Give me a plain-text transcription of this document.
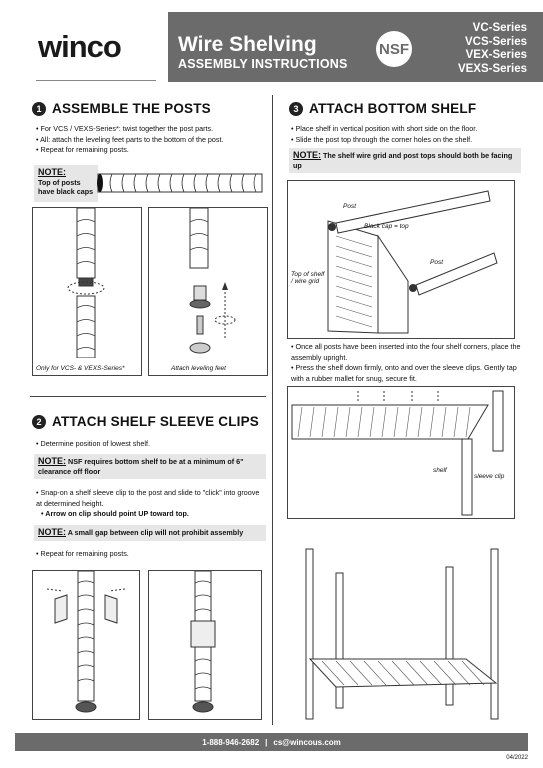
winco	Wire Shelving
ASSEMBLY INSTRUCTIONS
NSF
VC-Series
VCS-Series
VEX-Series
VEXS-Series
1 ASSEMBLE THE POSTS
• For VCS / VEXS-Series*: twist together the post parts.
• All: attach the leveling feet parts to the bottom of the post.
• Repeat for remaining posts.
NOTE:
Top of posts have black caps
Only for VCS- & VEXS-Series*	Attach leveling feet
2 ATTACH SHELF SLEEVE CLIPS
• Determine position of lowest shelf.
NOTE: NSF requires bottom shelf to be at a minimum of 6" clearance off floor
• Snap-on a shelf sleeve clip to the post and slide to "click" into groove at determined height.
• Arrow on clip should point UP toward top.
NOTE: A small gap between clip will not prohibit assembly
• Repeat for remaining posts.
3 ATTACH BOTTOM SHELF
• Place shelf in vertical position with short side on the floor.
• Slide the post top through the corner holes on the shelf.
NOTE: The shelf wire grid and post tops should both be facing up
Post
Black cap = top
Post
Top of shelf / wire grid
• Once all posts have been inserted into the four shelf corners, place the assembly upright.
• Press the shelf down firmly, onto and over the sleeve clips. Gently tap with a rubber mallet for snug, secure fit.
shelf
sleeve clip
1-888-946-2682 | cs@wincous.com
04/2022
